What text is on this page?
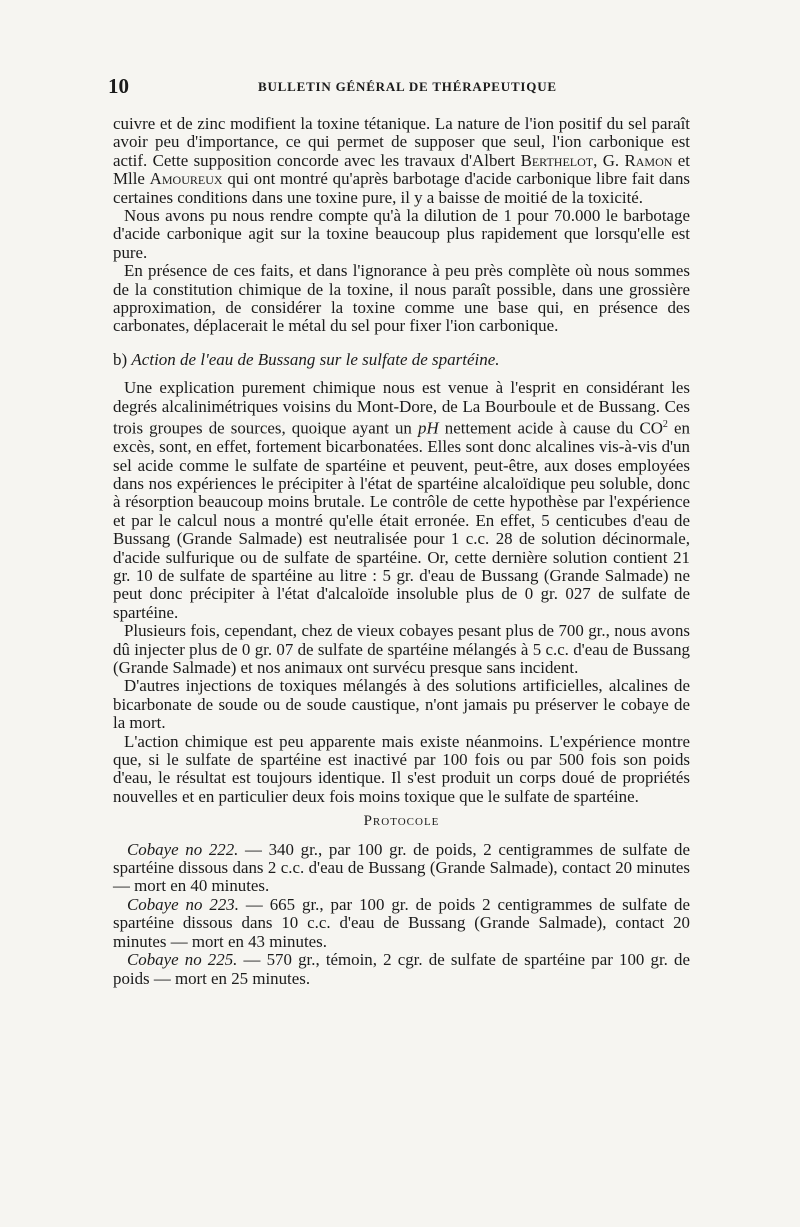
10	BULLETIN GÉNÉRAL DE THÉRAPEUTIQUE

cuivre et de zinc modifient la toxine tétanique. La nature de l'ion positif du sel paraît avoir peu d'importance, ce qui permet de supposer que seul, l'ion carbonique est actif. Cette supposition concorde avec les travaux d'Albert Berthelot, G. Ramon et Mlle Amoureux qui ont montré qu'après barbotage d'acide carbonique libre fait dans certaines conditions dans une toxine pure, il y a baisse de moitié de la toxicité.

Nous avons pu nous rendre compte qu'à la dilution de 1 pour 70.000 le barbotage d'acide carbonique agit sur la toxine beaucoup plus rapidement que lorsqu'elle est pure.

En présence de ces faits, et dans l'ignorance à peu près complète où nous sommes de la constitution chimique de la toxine, il nous paraît possible, dans une grossière approximation, de considérer la toxine comme une base qui, en présence des carbonates, déplacerait le métal du sel pour fixer l'ion carbonique.

b) Action de l'eau de Bussang sur le sulfate de spartéine.

Une explication purement chimique nous est venue à l'esprit en considérant les degrés alcalinimétriques voisins du Mont-Dore, de La Bourboule et de Bussang. Ces trois groupes de sources, quoique ayant un pH nettement acide à cause du $CO^2$ en excès, sont, en effet, fortement bicarbonatées. Elles sont donc alcalines vis-à-vis d'un sel acide comme le sulfate de spartéine et peuvent, peut-être, aux doses employées dans nos expériences le précipiter à l'état de spartéine alcaloïdique peu soluble, donc à résorption beaucoup moins brutale. Le contrôle de cette hypothèse par l'expérience et par le calcul nous a montré qu'elle était erronée. En effet, 5 centicubes d'eau de Bussang (Grande Salmade) est neutralisée pour 1 c.c. 28 de solution décinormale, d'acide sulfurique ou de sulfate de spartéine. Or, cette dernière solution contient 21 gr. 10 de sulfate de spartéine au litre : 5 gr. d'eau de Bussang (Grande Salmade) ne peut donc précipiter à l'état d'alcaloïde insoluble plus de 0 gr. 027 de sulfate de spartéine.

Plusieurs fois, cependant, chez de vieux cobayes pesant plus de 700 gr., nous avons dû injecter plus de 0 gr. 07 de sulfate de spartéine mélangés à 5 c.c. d'eau de Bussang (Grande Salmade) et nos animaux ont survécu presque sans incident.

D'autres injections de toxiques mélangés à des solutions artificielles, alcalines de bicarbonate de soude ou de soude caustique, n'ont jamais pu préserver le cobaye de la mort.

L'action chimique est peu apparente mais existe néanmoins. L'expérience montre que, si le sulfate de spartéine est inactivé par 100 fois ou par 500 fois son poids d'eau, le résultat est toujours identique. Il s'est produit un corps doué de propriétés nouvelles et en particulier deux fois moins toxique que le sulfate de spartéine.

Protocole

Cobaye no 222. — 340 gr., par 100 gr. de poids, 2 centigrammes de sulfate de spartéine dissous dans 2 c.c. d'eau de Bussang (Grande Salmade), contact 20 minutes — mort en 40 minutes.

Cobaye no 223. — 665 gr., par 100 gr. de poids 2 centigrammes de sulfate de spartéine dissous dans 10 c.c. d'eau de Bussang (Grande Salmade), contact 20 minutes — mort en 43 minutes.

Cobaye no 225. — 570 gr., témoin, 2 cgr. de sulfate de spartéine par 100 gr. de poids — mort en 25 minutes.
